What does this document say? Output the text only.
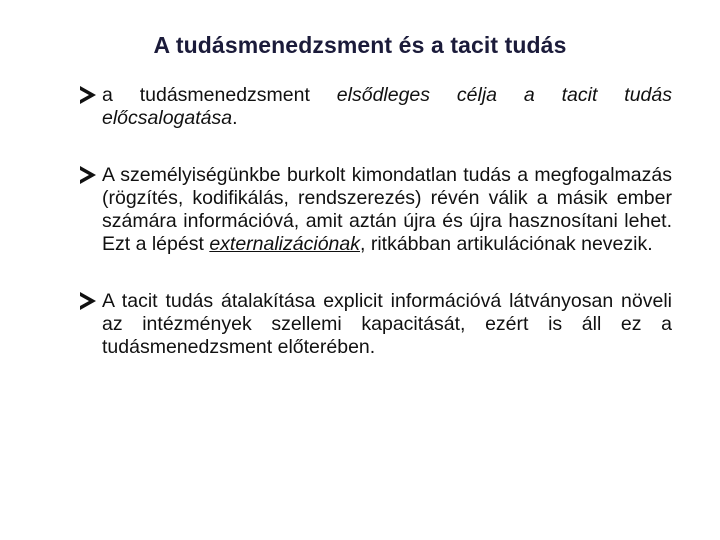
A tudásmenedzsment és a tacit tudás
a tudásmenedzsment elsődleges célja a tacit tudás előcsalogatása.
A személyiségünkbe burkolt kimondatlan tudás a megfogalmazás (rögzítés, kodifikálás, rendszerezés) révén válik a másik ember számára információvá, amit aztán újra és újra hasznosítani lehet. Ezt a lépést externalizációnak, ritkábban artikulációnak nevezik.
A tacit tudás átalakítása explicit információvá látványosan növeli az intézmények szellemi kapacitását, ezért is áll ez a tudásmenedzsment előterében.
